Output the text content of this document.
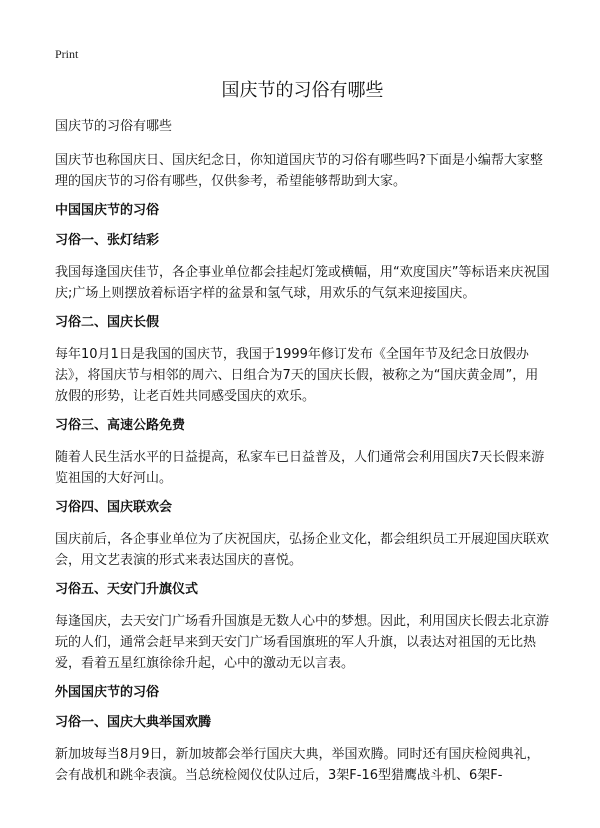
Print
国庆节的习俗有哪些
国庆节的习俗有哪些

国庆节也称国庆日、国庆纪念日，你知道国庆节的习俗有哪些吗?下面是小编帮大家整理的国庆节的习俗有哪些，仅供参考，希望能够帮助到大家。

中国国庆节的习俗
习俗一、张灯结彩

我国每逢国庆佳节，各企事业单位都会挂起灯笼或横幅，用“欢度国庆”等标语来庆祝国庆;广场上则摆放着标语字样的盆景和氢气球，用欢乐的气氛来迎接国庆。

习俗二、国庆长假

每年10月1日是我国的国庆节，我国于1999年修订发布《全国年节及纪念日放假办法》，将国庆节与相邻的周六、日组合为7天的国庆长假，被称之为“国庆黄金周”，用放假的形势，让老百姓共同感受国庆的欢乐。

习俗三、高速公路免费

随着人民生活水平的日益提高，私家车已日益普及，人们通常会利用国庆7天长假来游览祖国的大好河山。

习俗四、国庆联欢会

国庆前后，各企事业单位为了庆祝国庆，弘扬企业文化，都会组织员工开展迎国庆联欢会，用文艺表演的形式来表达国庆的喜悦。

习俗五、天安门升旗仪式

每逢国庆，去天安门广场看升国旗是无数人心中的梦想。因此，利用国庆长假去北京游玩的人们，通常会赶早来到天安门广场看国旗班的军人升旗，以表达对祖国的无比热爱，看着五星红旗徐徐升起，心中的激动无以言表。

外国国庆节的习俗
习俗一、国庆大典举国欢腾

新加坡每当8月9日，新加坡都会举行国庆大典，举国欢腾。同时还有国庆检阅典礼，会有战机和跳伞表演。当总统检阅仪仗队过后，3架F-16型猎鹰战斗机、6架F-
